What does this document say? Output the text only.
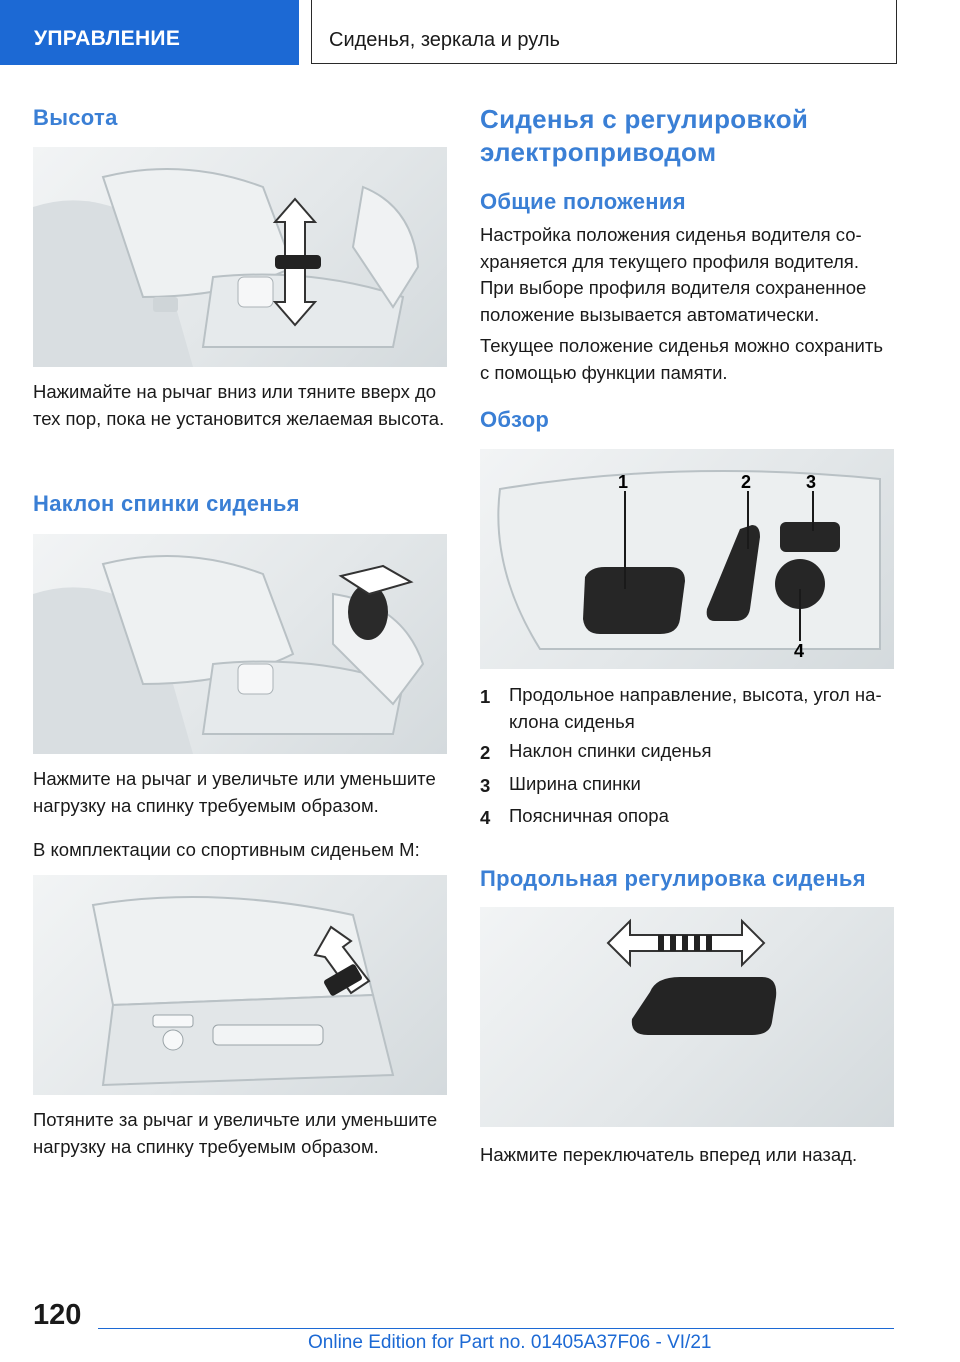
УПРАВЛЕНИЕ	Сиденья, зеркала и руль
Высота

Нажимайте на рычаг вниз или тяните вверх до тех пор, пока не установится желаемая высота.

Наклон спинки сиденья

Нажмите на рычаг и увеличьте или уменьшите нагрузку на спинку требуемым образом.

В комплектации со спортивным сиденьем M:

Потяните за рычаг и увеличьте или уменьшите нагрузку на спинку требуемым образом.

Сиденья с регулировкой электроприводом
Общие положения

Настройка положения сиденья водителя сохраняется для текущего профиля водителя. При выборе профиля водителя сохраненное положение вызывается автоматически.

Текущее положение сиденья можно сохранить с помощью функции памяти.

Обзор
1	2	3
4
1 Продольное направление, высота, угол наклона сиденья
2 Наклон спинки сиденья
3 Ширина спинки
4 Поясничная опора
Продольная регулировка сиденья

Нажмите переключатель вперед или назад.

120
Online Edition for Part no. 01405A37F06 - VI/21
